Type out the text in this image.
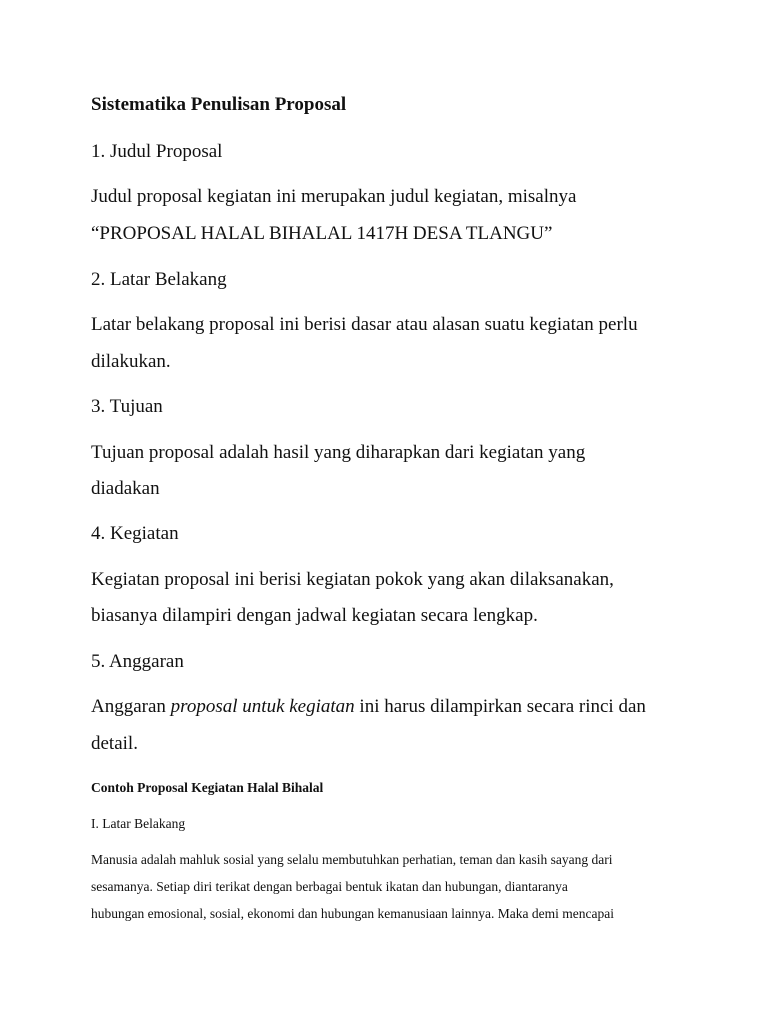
Sistematika Penulisan Proposal

1. Judul Proposal

Judul proposal kegiatan ini merupakan judul kegiatan, misalnya

“PROPOSAL HALAL BIHALAL 1417H DESA TLANGU”

2. Latar Belakang

Latar belakang proposal ini berisi dasar atau alasan suatu kegiatan perlu

dilakukan.

3. Tujuan

Tujuan proposal adalah hasil yang diharapkan dari kegiatan yang

diadakan

4. Kegiatan

Kegiatan proposal ini berisi kegiatan pokok yang akan dilaksanakan,

biasanya dilampiri dengan jadwal kegiatan secara lengkap.

5. Anggaran

Anggaran proposal untuk kegiatan ini harus dilampirkan secara rinci dan

detail.

Contoh Proposal Kegiatan Halal Bihalal

I. Latar Belakang

Manusia adalah mahluk sosial yang selalu membutuhkan perhatian, teman dan kasih sayang dari

sesamanya. Setiap diri terikat dengan berbagai bentuk ikatan dan hubungan, diantaranya

hubungan emosional, sosial, ekonomi dan hubungan kemanusiaan lainnya. Maka demi mencapai
